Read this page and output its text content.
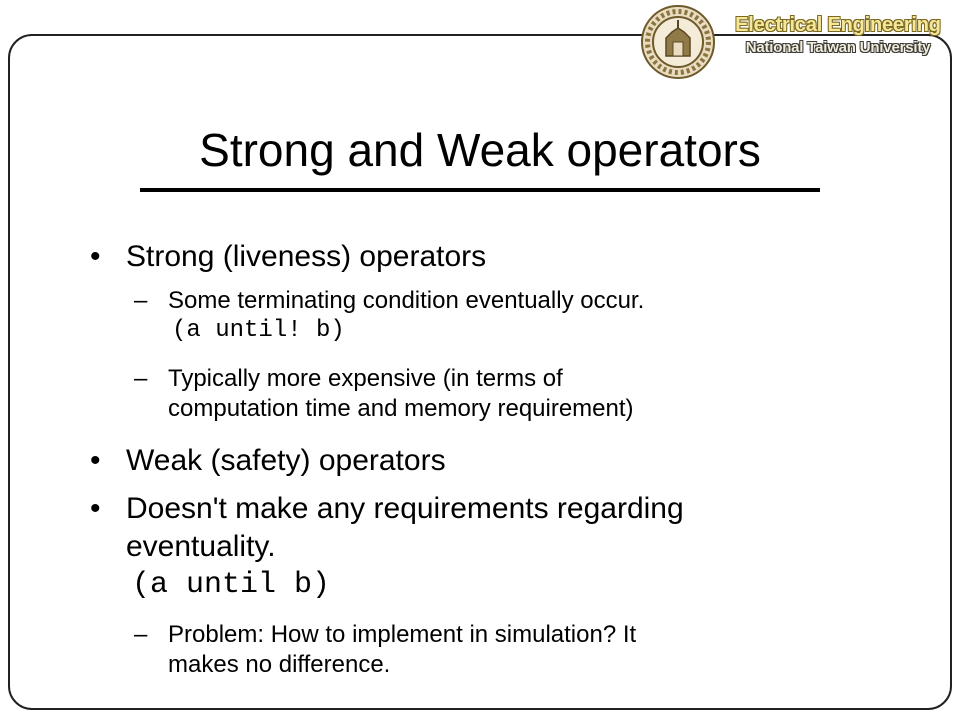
Electrical Engineering
National Taiwan University
Strong and Weak operators
• Strong (liveness) operators
– Some terminating condition eventually occur.
(a until! b)
– Typically more expensive (in terms of
computation time and memory requirement)
• Weak (safety) operators
• Doesn't make any requirements regarding
eventuality.
(a until b)
– Problem: How to implement in simulation? It
makes no difference.
